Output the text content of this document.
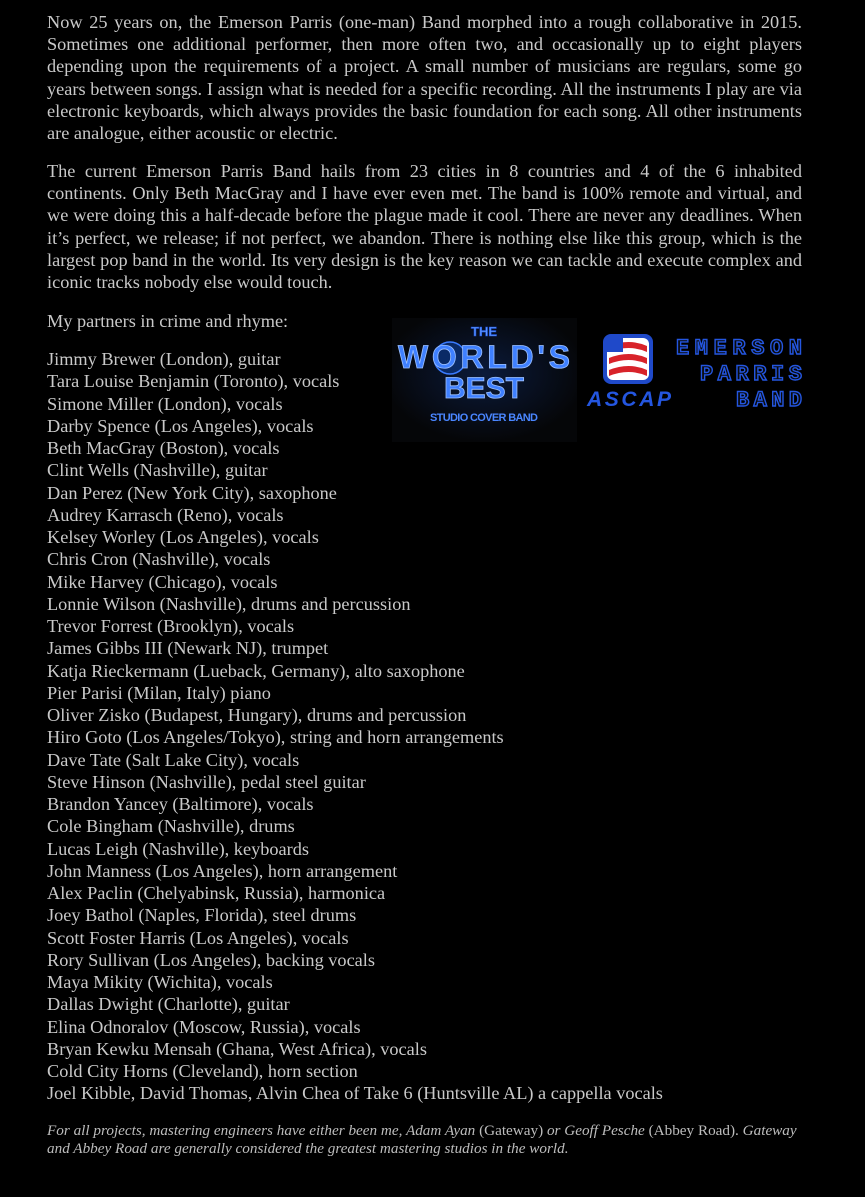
Now 25 years on, the Emerson Parris (one-man) Band morphed into a rough collaborative in 2015. Sometimes one additional performer, then more often two, and occasionally up to eight players depending upon the requirements of a project. A small number of musicians are regulars, some go years between songs. I assign what is needed for a specific recording. All the instruments I play are via electronic keyboards, which always provides the basic foundation for each song. All other instruments are analogue, either acoustic or electric.

The current Emerson Parris Band hails from 23 cities in 8 countries and 4 of the 6 inhabited continents. Only Beth MacGray and I have ever even met. The band is 100% remote and virtual, and we were doing this a half-decade before the plague made it cool. There are never any deadlines. When it’s perfect, we release; if not perfect, we abandon. There is nothing else like this group, which is the largest pop band in the world. Its very design is the key reason we can tackle and execute complex and iconic tracks nobody else would touch.

My partners in crime and rhyme:

Jimmy Brewer (London), guitar
Tara Louise Benjamin (Toronto), vocals
Simone Miller (London), vocals
Darby Spence (Los Angeles), vocals
Beth MacGray (Boston), vocals
Clint Wells (Nashville), guitar
Dan Perez (New York City), saxophone
Audrey Karrasch (Reno), vocals
Kelsey Worley (Los Angeles), vocals
Chris Cron (Nashville), vocals
Mike Harvey (Chicago), vocals
Lonnie Wilson (Nashville), drums and percussion
Trevor Forrest (Brooklyn), vocals
James Gibbs III (Newark NJ), trumpet
Katja Rieckermann (Lueback, Germany), alto saxophone
Pier Parisi (Milan, Italy) piano
Oliver Zisko (Budapest, Hungary), drums and percussion
Hiro Goto (Los Angeles/Tokyo), string and horn arrangements
Dave Tate (Salt Lake City), vocals
Steve Hinson (Nashville), pedal steel guitar
Brandon Yancey (Baltimore), vocals
Cole Bingham (Nashville), drums
Lucas Leigh (Nashville), keyboards
John Manness (Los Angeles), horn arrangement
Alex Paclin (Chelyabinsk, Russia), harmonica
Joey Bathol (Naples, Florida), steel drums
Scott Foster Harris (Los Angeles), vocals
Rory Sullivan (Los Angeles), backing vocals
Maya Mikity (Wichita), vocals
Dallas Dwight (Charlotte), guitar
Elina Odnoralov (Moscow, Russia), vocals
Bryan Kewku Mensah (Ghana, West Africa), vocals
Cold City Horns (Cleveland), horn section
Joel Kibble, David Thomas, Alvin Chea of Take 6 (Huntsville AL) a cappella vocals
THE
WORLD'S
BEST
STUDIO COVER BAND
ASCAP
EMERSON
PARRIS
BAND

For all projects, mastering engineers have either been me, Adam Ayan (Gateway) or Geoff Pesche (Abbey Road). Gateway and Abbey Road are generally considered the greatest mastering studios in the world.
